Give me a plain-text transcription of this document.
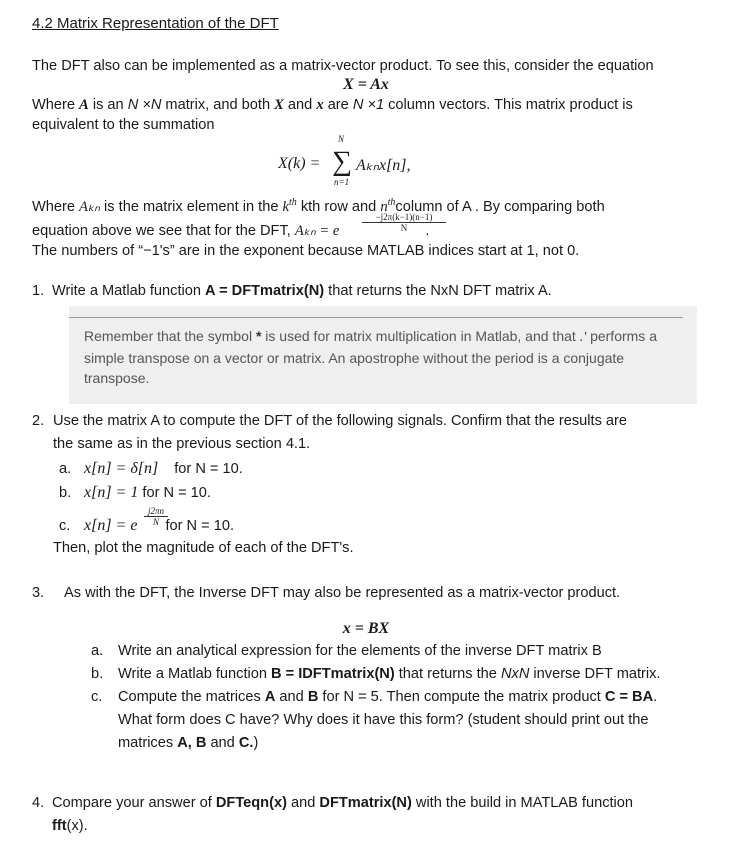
4.2 Matrix Representation of the DFT
The DFT also can be implemented as a matrix-vector product. To see this, consider the equation
X = Ax
Where A is an N ×N matrix, and both X and x are N ×1 column vectors. This matrix product is
equivalent to the summation
X(k) =
N
∑
n=1
Aₖₙx[n],
Where Aₖₙ is the matrix element in the $k^{th}$ kth row and $n^{th}column$ of A . By comparing both
$\frac{-j2\pi(k-1)(n-1)}{N}$
equation above we see that for the DFT, Aₖₙ = e	.
The numbers of “−1's” are in the exponent because MATLAB indices start at 1, not 0.
1. Write a Matlab function A = DFTmatrix(N) that returns the NxN DFT matrix A.
Remember that the symbol * is used for matrix multiplication in Matlab, and that .' performs a simple transpose on a vector or matrix. An apostrophe without the period is a conjugate transpose.
2. Use the matrix A to compute the DFT of the following signals. Confirm that the results are
the same as in the previous section 4.1.
a. x[n] = δ[n] for N = 10.
b. x[n] = 1 for N = 10.
$\frac{j2\pi n}{N}$
c. x[n] = e for N = 10.
Then, plot the magnitude of each of the DFT's.
3. As with the DFT, the Inverse DFT may also be represented as a matrix-vector product.
x = BX
a. Write an analytical expression for the elements of the inverse DFT matrix B
b. Write a Matlab function B = IDFTmatrix(N) that returns the NxN inverse DFT matrix.
c. Compute the matrices A and B for N = 5. Then compute the matrix product C = BA.
What form does C have? Why does it have this form? (student should print out the
matrices A, B and C.)
4. Compare your answer of DFTeqn(x) and DFTmatrix(N) with the build in MATLAB function
fft(x).
